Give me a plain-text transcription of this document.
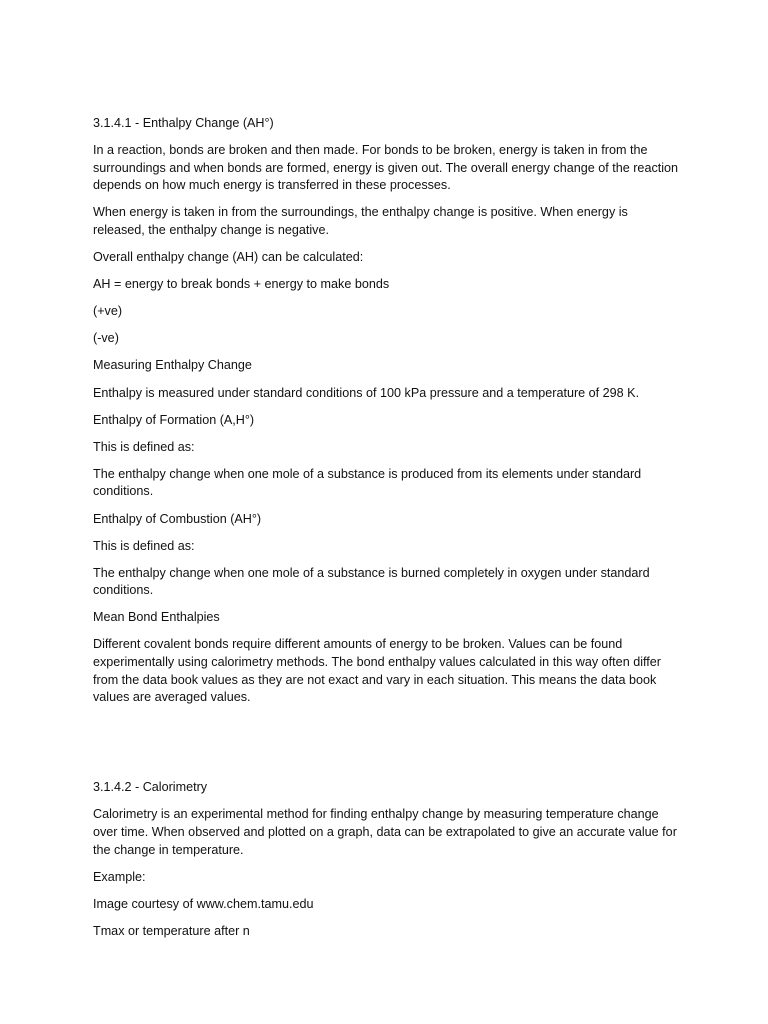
3.1.4.1 - Enthalpy Change (AH°)

In a reaction, bonds are broken and then made. For bonds to be broken, energy is taken in from the surroundings and when bonds are formed, energy is given out. The overall energy change of the reaction depends on how much energy is transferred in these processes.

When energy is taken in from the surroundings, the enthalpy change is positive. When energy is released, the enthalpy change is negative.

Overall enthalpy change (AH) can be calculated:

AH = energy to break bonds + energy to make bonds

(+ve)

(-ve)

Measuring Enthalpy Change

Enthalpy is measured under standard conditions of 100 kPa pressure and a temperature of 298 K.

Enthalpy of Formation (A,H°)

This is defined as:

The enthalpy change when one mole of a substance is produced from its elements under standard conditions.

Enthalpy of Combustion (AH°)

This is defined as:

The enthalpy change when one mole of a substance is burned completely in oxygen under standard conditions.

Mean Bond Enthalpies

Different covalent bonds require different amounts of energy to be broken. Values can be found experimentally using calorimetry methods. The bond enthalpy values calculated in this way often differ from the data book values as they are not exact and vary in each situation. This means the data book values are averaged values.

3.1.4.2 - Calorimetry

Calorimetry is an experimental method for finding enthalpy change by measuring temperature change over time. When observed and plotted on a graph, data can be extrapolated to give an accurate value for the change in temperature.

Example:

Image courtesy of www.chem.tamu.edu

Tmax or temperature after n
